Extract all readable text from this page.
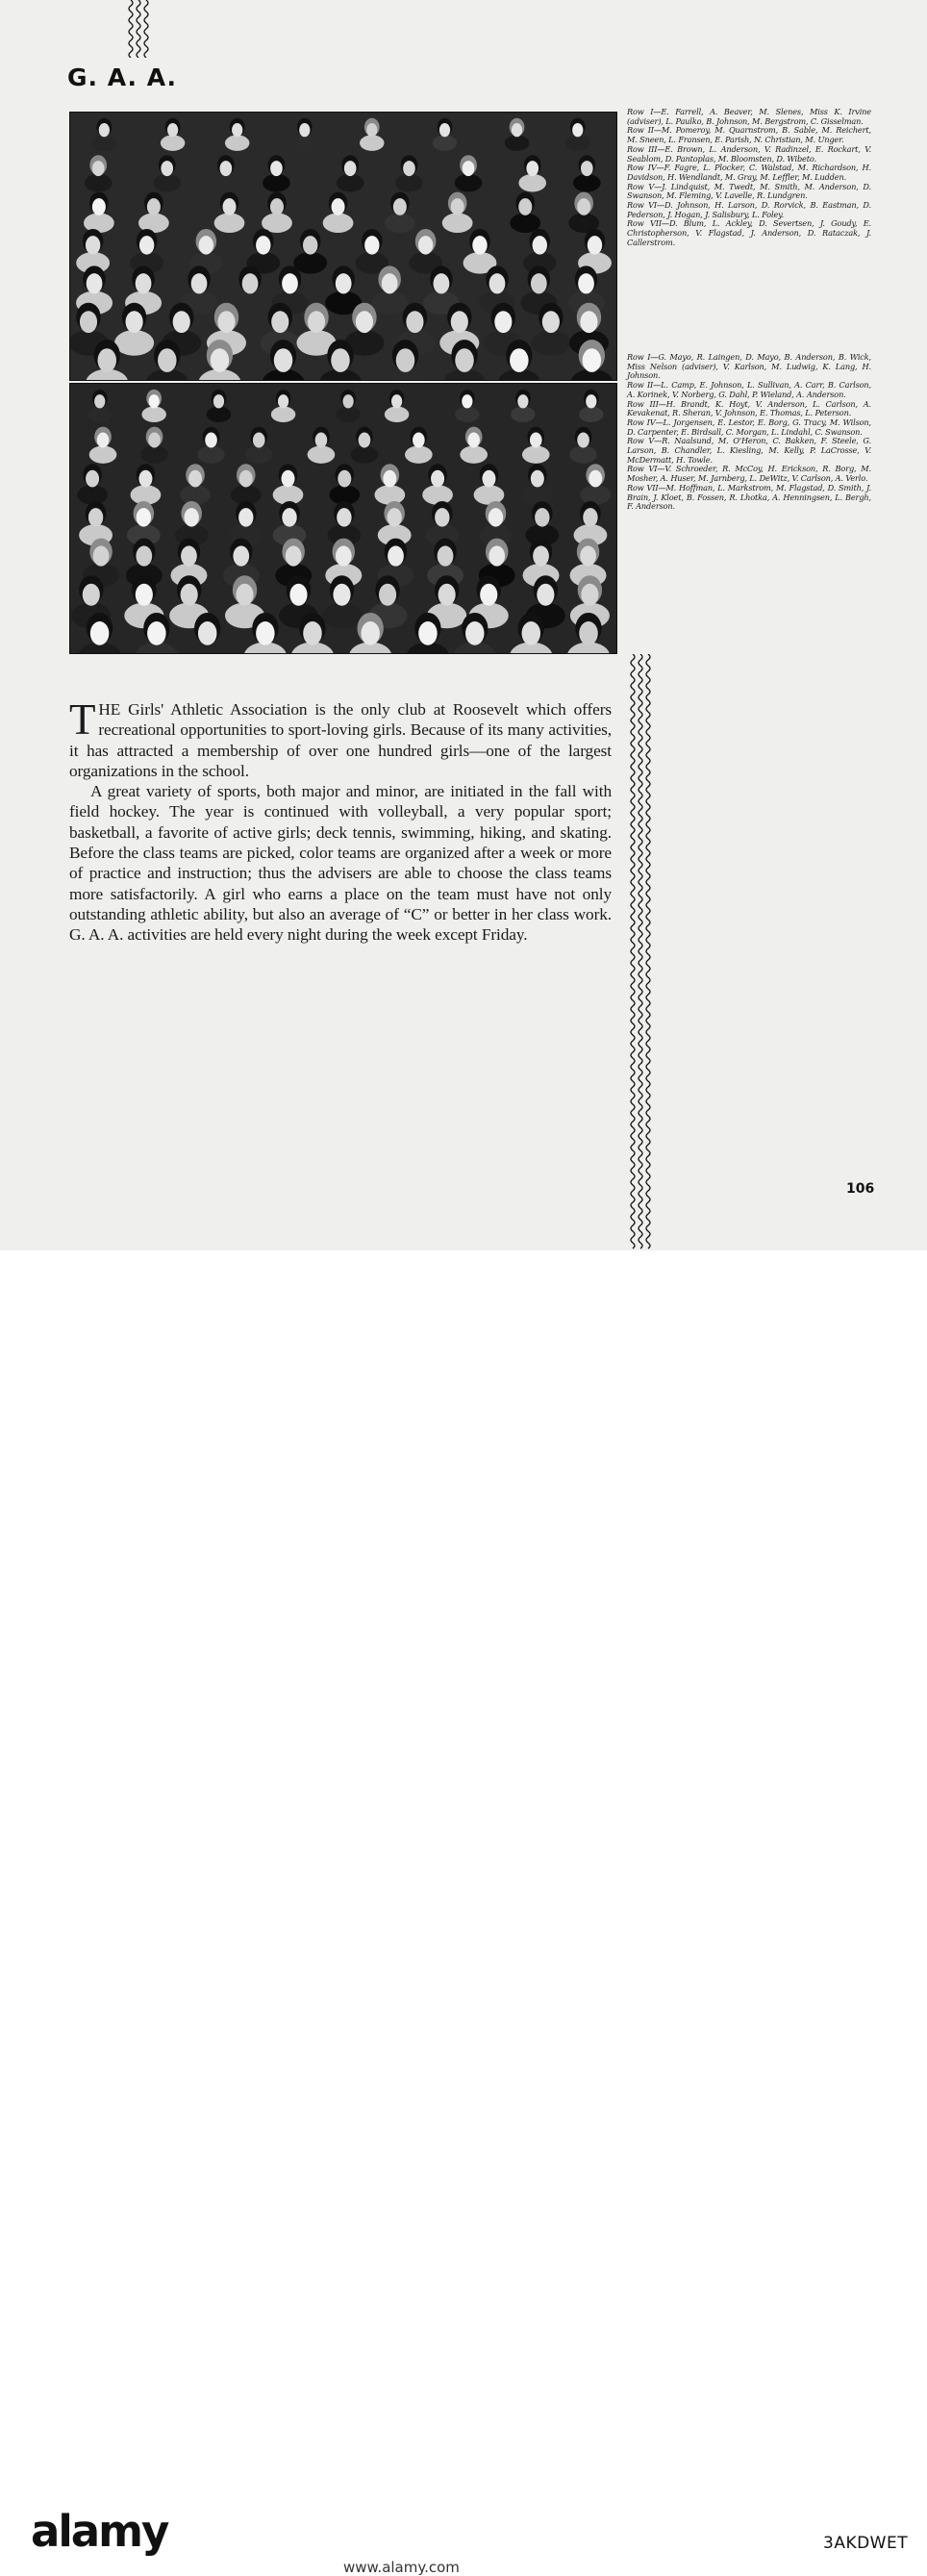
G. A. A.
Row I—E. Farrell, A. Beaver, M. Slenes, Miss K. Irvine (adviser), L. Paulko, B. Johnson, M. Bergstrom, C. Gisselman.
Row II—M. Pomeroy, M. Quarnstrom, B. Sable, M. Reichert, M. Sneen, L. Fransen, E. Parish, N. Christian, M. Unger.
Row III—E. Brown, L. Anderson, V. Radinzel, E. Rockart, V. Seablom, D. Pantoplas, M. Bloomsten, D. Wibeto.
Row IV—F. Fagre, L. Plocker, C. Walstad, M. Richardson, H. Davidson, H. Wendlandt, M. Gray, M. Leffler, M. Ludden.
Row V—J. Lindquist, M. Twedt, M. Smith, M. Anderson, D. Swanson, M. Fleming, V. Lavelle, R. Lundgren.
Row VI—D. Johnson, H. Larson, D. Rorvick, B. Eastman, D. Pederson, J. Hogan, J. Salisbury, L. Foley.
Row VII—D. Blum, L. Ackley, D. Severtsen, J. Goudy, E. Christopherson, V. Flagstad, J. Anderson, D. Rataczak, J. Callerstrom.
Row I—G. Mayo, R. Laingen, D. Mayo, B. Anderson, B. Wick, Miss Nelson (adviser), V. Karlson, M. Ludwig, K. Lang, H. Johnson.
Row II—L. Camp, E. Johnson, L. Sullivan, A. Carr, B. Carlson, A. Korinek, V. Norberg, G. Dahl, P. Wieland, A. Anderson.
Row III—H. Brandt, K. Hoyt, V. Anderson, L. Carlson, A. Kevakenat, R. Sheran, V. Johnson, E. Thomas, L. Peterson.
Row IV—L. Jorgensen, E. Lestor, E. Borg, G. Tracy, M. Wilson, D. Carpenter, E. Birdsall, C. Morgan, L. Lindahl, C. Swanson.
Row V—R. Naalsund, M. O'Heron, C. Bakken, F. Steele, G. Larson, B. Chandler, L. Kiesling, M. Kelly, P. LaCrosse, V. McDermatt, H. Towle.
Row VI—V. Schroeder, R. McCoy, H. Erickson, R. Borg, M. Mosher, A. Huser, M. Jarnberg, L. DeWitz, V. Carlson, A. Verlo.
Row VII—M. Hoffman, L. Markstrom, M. Flagstad, D. Smith, J. Brain, J. Kloet, B. Fossen, R. Lhotka, A. Henningsen, L. Bergh, F. Anderson.

THE Girls' Athletic Association is the only club at Roosevelt which offers recreational opportunities to sport-loving girls. Because of its many activities, it has attracted a membership of over one hundred girls—one of the largest organizations in the school.

A great variety of sports, both major and minor, are initiated in the fall with field hockey. The year is continued with volleyball, a very popular sport; basketball, a favorite of active girls; deck tennis, swimming, hiking, and skating. Before the class teams are picked, color teams are organized after a week or more of practice and instruction; thus the advisers are able to choose the class teams more satisfactorily. A girl who earns a place on the team must have not only outstanding athletic ability, but also an average of “C” or better in her class work. G. A. A. activities are held every night during the week except Friday.

106
alamy	3AKDWET
www.alamy.com
